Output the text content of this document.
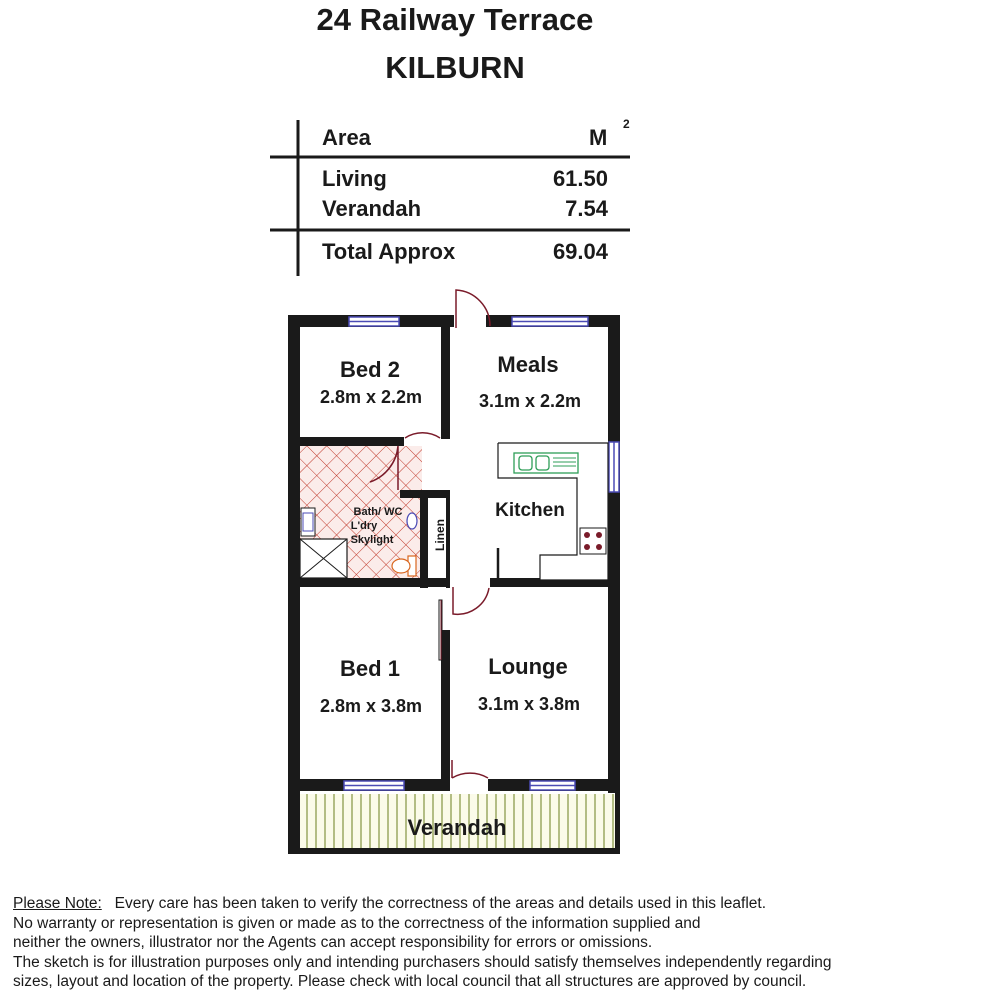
24 Railway Terrace
KILBURN
Area	M
2
Living	61.50
Verandah	7.54
Total Approx	69.04
Bed 2
2.8m x 2.2m
Meals
3.1m x 2.2m
Bath/ WC
L'dry
Skylight	Linen
Kitchen
Bed 1
2.8m x 3.8m
Lounge
3.1m x 3.8m
Verandah
Please Note: Every care has been taken to verify the correctness of the areas and details used in this leaflet.
No warranty or representation is given or made as to the correctness of the information supplied and
neither the owners, illustrator nor the Agents can accept responsibility for errors or omissions.
The sketch is for illustration purposes only and intending purchasers should satisfy themselves independently regarding
sizes, layout and location of the property. Please check with local council that all structures are approved by council.
